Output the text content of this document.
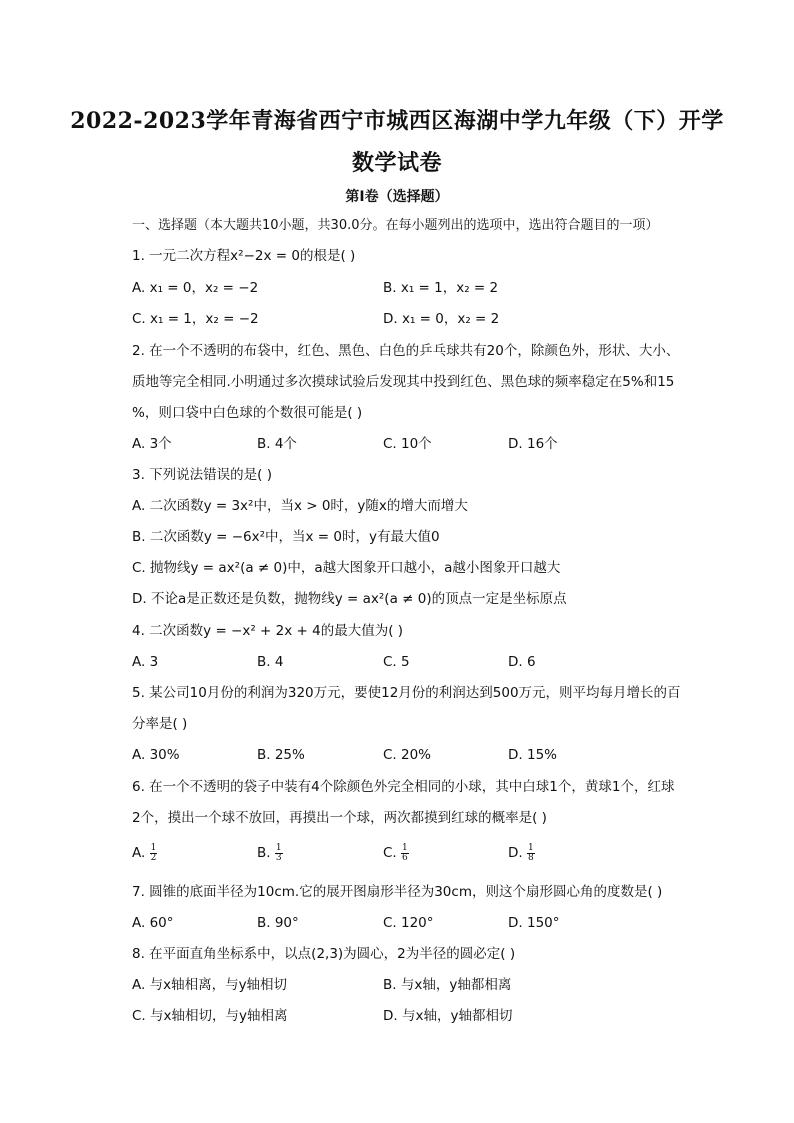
2022-2023学年青海省西宁市城西区海湖中学九年级（下）开学
数学试卷
第I卷（选择题）
一、选择题（本大题共10小题，共30.0分。在每小题列出的选项中，选出符合题目的一项）
1. 一元二次方程x²−2x = 0的根是( )
A. x₁ = 0，x₂ = −2	B. x₁ = 1，x₂ = 2
C. x₁ = 1，x₂ = −2	D. x₁ = 0，x₂ = 2
2. 在一个不透明的布袋中，红色、黑色、白色的乒乓球共有20个，除颜色外，形状、大小、
质地等完全相同.小明通过多次摸球试验后发现其中投到红色、黑色球的频率稳定在5%和15
%，则口袋中白色球的个数很可能是( )
A. 3个	B. 4个	C. 10个	D. 16个
3. 下列说法错误的是( )
A. 二次函数y = 3x²中，当x > 0时，y随x的增大而增大
B. 二次函数y = −6x²中，当x = 0时，y有最大值0
C. 抛物线y = ax²(a ≠ 0)中，a越大图象开口越小，a越小图象开口越大
D. 不论a是正数还是负数，抛物线y = ax²(a ≠ 0)的顶点一定是坐标原点
4. 二次函数y = −x² + 2x + 4的最大值为( )
A. 3	B. 4	C. 5	D. 6
5. 某公司10月份的利润为320万元，要使12月份的利润达到500万元，则平均每月增长的百
分率是( )
A. 30%	B. 25%	C. 20%	D. 15%
6. 在一个不透明的袋子中装有4个除颜色外完全相同的小球，其中白球1个，黄球1个，红球
2个，摸出一个球不放回，再摸出一个球，两次都摸到红球的概率是( )
A. $\frac{1}{2}$	B. $\frac{1}{3}$	C. $\frac{1}{6}$	D. $\frac{1}{8}$
7. 圆锥的底面半径为10cm.它的展开图扇形半径为30cm，则这个扇形圆心角的度数是( )
A. 60°	B. 90°	C. 120°	D. 150°
8. 在平面直角坐标系中，以点(2,3)为圆心，2为半径的圆必定( )
A. 与x轴相离，与y轴相切	B. 与x轴，y轴都相离
C. 与x轴相切，与y轴相离	D. 与x轴，y轴都相切
